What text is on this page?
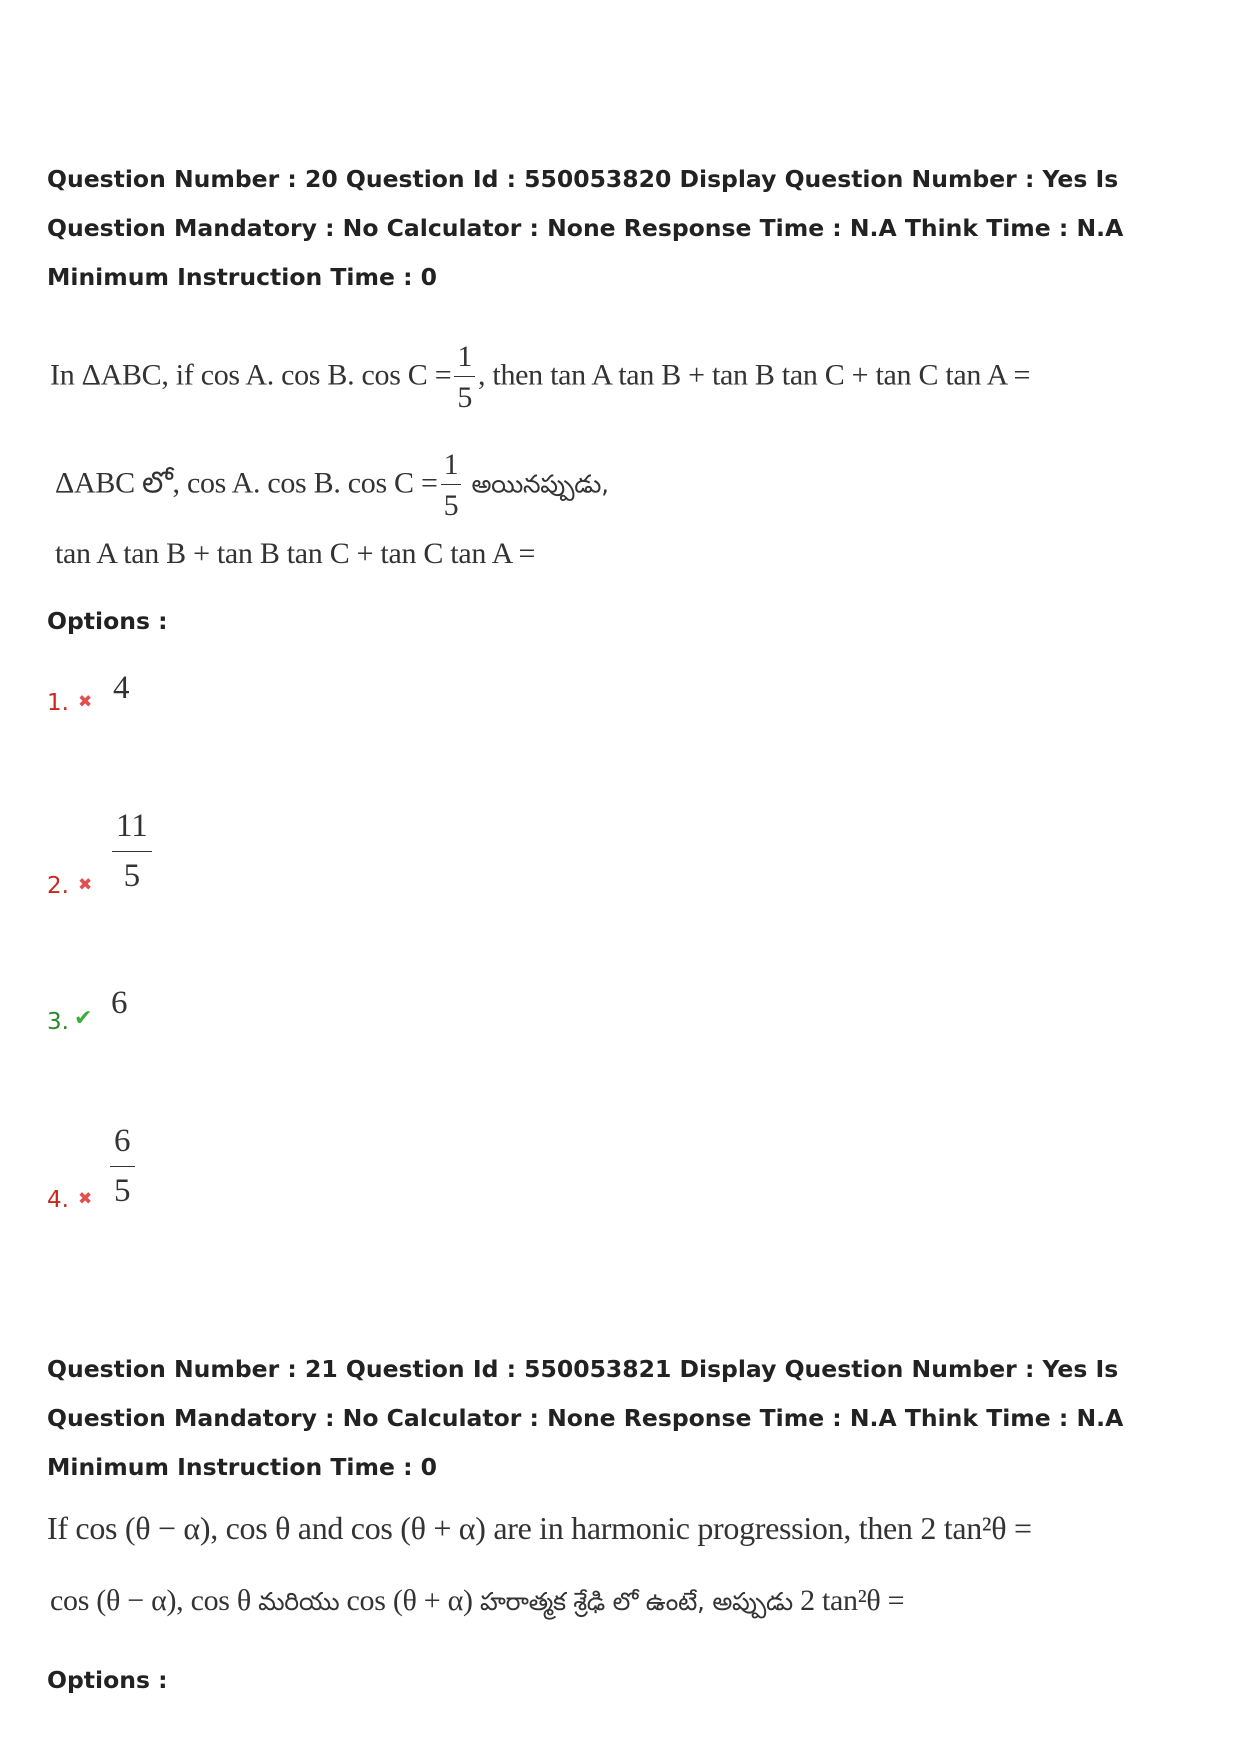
Question Number : 20 Question Id : 550053820 Display Question Number : Yes Is Question Mandatory : No Calculator : None Response Time : N.A Think Time : N.A Minimum Instruction Time : 0
In ΔABC, if cos A. cos B. $\cos C = \frac{1}{5}$ , then tan A tan B + tan B tan C + tan C tan A =
ΔABC లో, cos A. cos B. $\cos C = \frac{1}{5}$ అయినప్పుడు,
tan A tan B + tan B tan C + tan C tan A =
Options :
1. ✖ 4
2. ✖ $\frac{11}{5}$
3. ✔ 6
4. ✖ $\frac{6}{5}$
Question Number : 21 Question Id : 550053821 Display Question Number : Yes Is Question Mandatory : No Calculator : None Response Time : N.A Think Time : N.A Minimum Instruction Time : 0
If cos (θ − α), cos θ and cos (θ + α) are in harmonic progression, then 2 tan²θ =
cos (θ − α), cos θ మరియు cos (θ + α) హరాత్మక శ్రేఢి లో ఉంటే, అప్పుడు 2 tan²θ =
Options :
